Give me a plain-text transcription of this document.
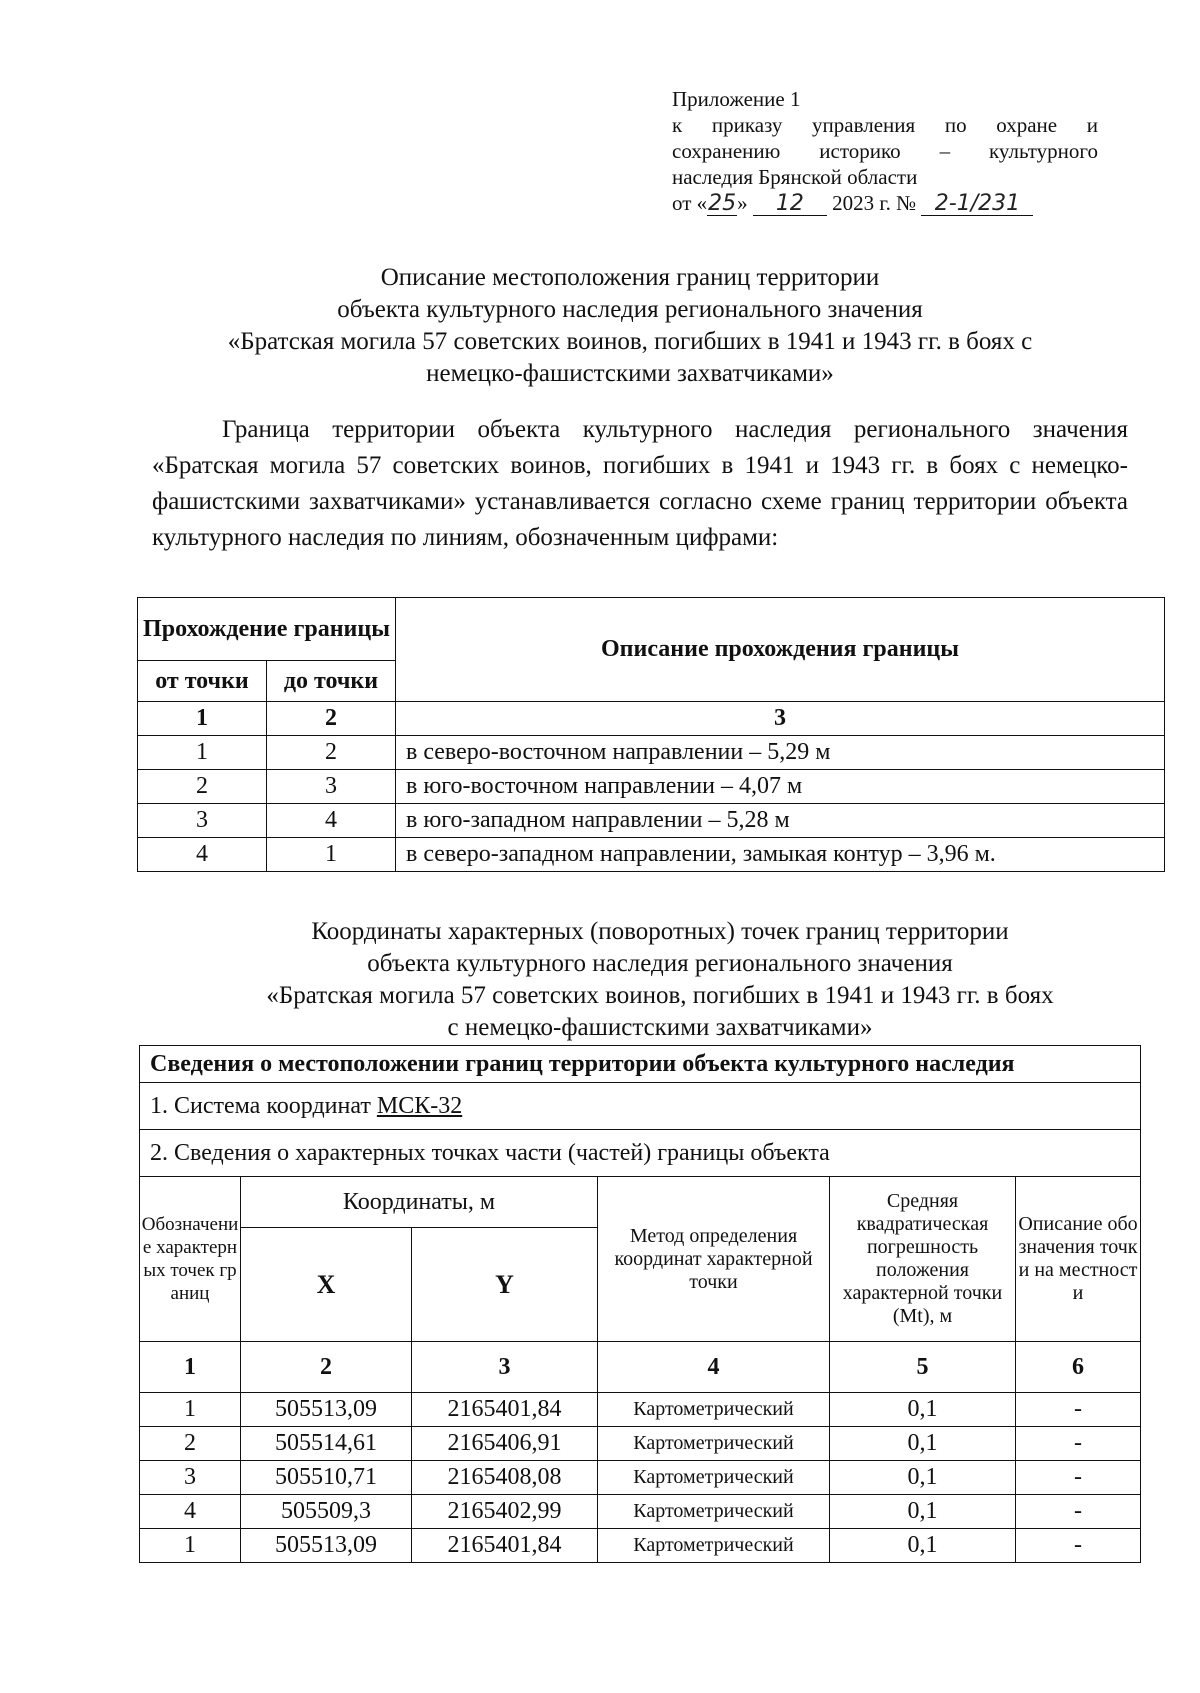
Приложение 1
к приказу управления по охране и
сохранению историко – культурного
наследия Брянской области
от «25» 12 2023 г. № 2-1/231
Описание местоположения границ территории
объекта культурного наследия регионального значения
«Братская могила 57 советских воинов, погибших в 1941 и 1943 гг. в боях с
немецко-фашистскими захватчиками»
Граница территории объекта культурного наследия регионального значения «Братская могила 57 советских воинов, погибших в 1941 и 1943 гг. в боях с немецко-фашистскими захватчиками» устанавливается согласно схеме границ территории объекта культурного наследия по линиям, обозначенным цифрами:
Прохождение границы		Описание прохождения границы
от точки	до точки	
1	2	3
1	2	в северо-восточном направлении – 5,29 м
2	3	в юго-восточном направлении – 4,07 м
3	4	в юго-западном направлении – 5,28 м
4	1	в северо-западном направлении, замыкая контур – 3,96 м.
Координаты характерных (поворотных) точек границ территории
объекта культурного наследия регионального значения
«Братская могила 57 советских воинов, погибших в 1941 и 1943 гг. в боях
с немецко-фашистскими захватчиками»
Сведения о местоположении границ территории объекта культурного наследия					
1. Система координат МСК-32					
2. Сведения о характерных точках части (частей) границы объекта					
Обозначение характерных точек границ	Координаты, м		Метод определения координат характерной точки	Средняя квадратическая погрешность положения характерной точки (Mt), м	Описание обозначения точки на местности
	X	Y			
1	2	3	4	5	6
1	505513,09	2165401,84	Картометрический	0,1	-
2	505514,61	2165406,91	Картометрический	0,1	-
3	505510,71	2165408,08	Картометрический	0,1	-
4	505509,3	2165402,99	Картометрический	0,1	-
1	505513,09	2165401,84	Картометрический	0,1	-
